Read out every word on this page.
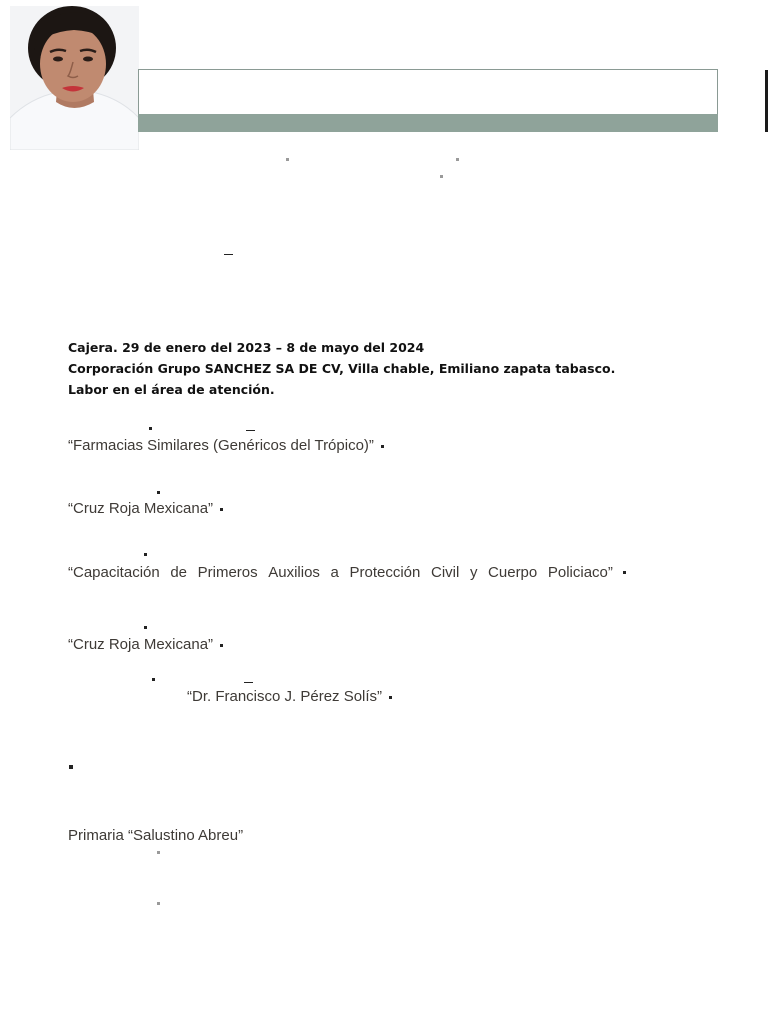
Cajera. 29 de enero del 2023 – 8 de mayo del 2024
Corporación Grupo SANCHEZ SA DE CV, Villa chable, Emiliano zapata tabasco.
Labor en el área de atención.
“Farmacias Similares (Genéricos del Trópico)”
“Cruz Roja Mexicana”
“Capacitación de Primeros Auxilios a Protección Civil y Cuerpo Policiaco”
“Cruz Roja Mexicana”
“Dr. Francisco J. Pérez Solís”
Primaria “Salustino Abreu”
